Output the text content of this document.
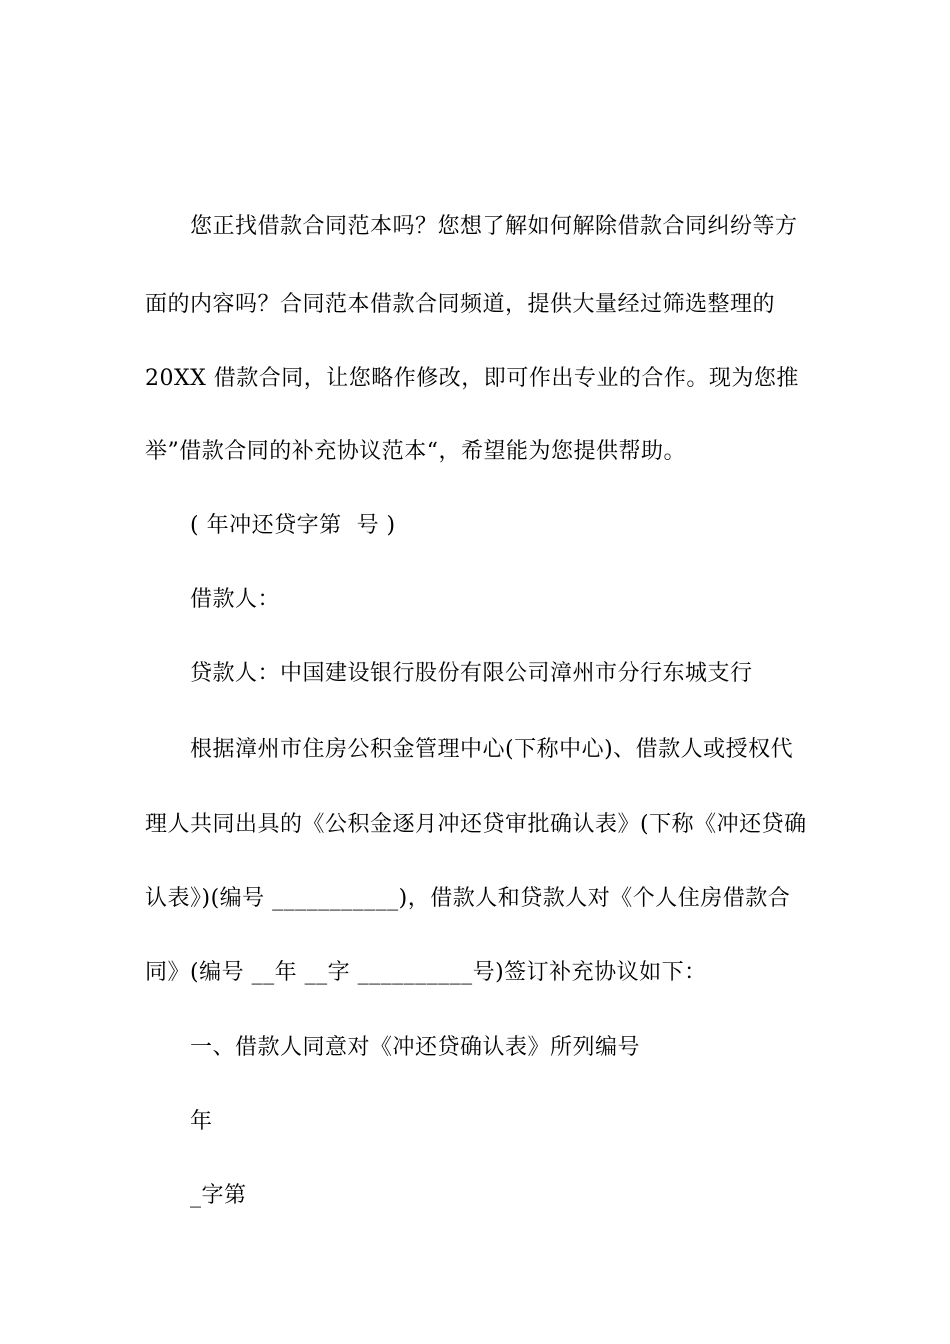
您正找借款合同范本吗？您想了解如何解除借款合同纠纷等方
面的内容吗？合同范本借款合同频道，提供大量经过筛选整理的
20XX 借款合同，让您略作修改，即可作出专业的合作。现为您推
举”借款合同的补充协议范本“，希望能为您提供帮助。
( 年冲还贷字第  号 )
借款人：
贷款人：中国建设银行股份有限公司漳州市分行东城支行
根据漳州市住房公积金管理中心(下称中心)、借款人或授权代
理人共同出具的《公积金逐月冲还贷审批确认表》(下称《冲还贷确
认表》)(编号 ___________)，借款人和贷款人对《个人住房借款合
同》(编号 __年 __字 __________号)签订补充协议如下：
一、借款人同意对《冲还贷确认表》所列编号
年
_字第
